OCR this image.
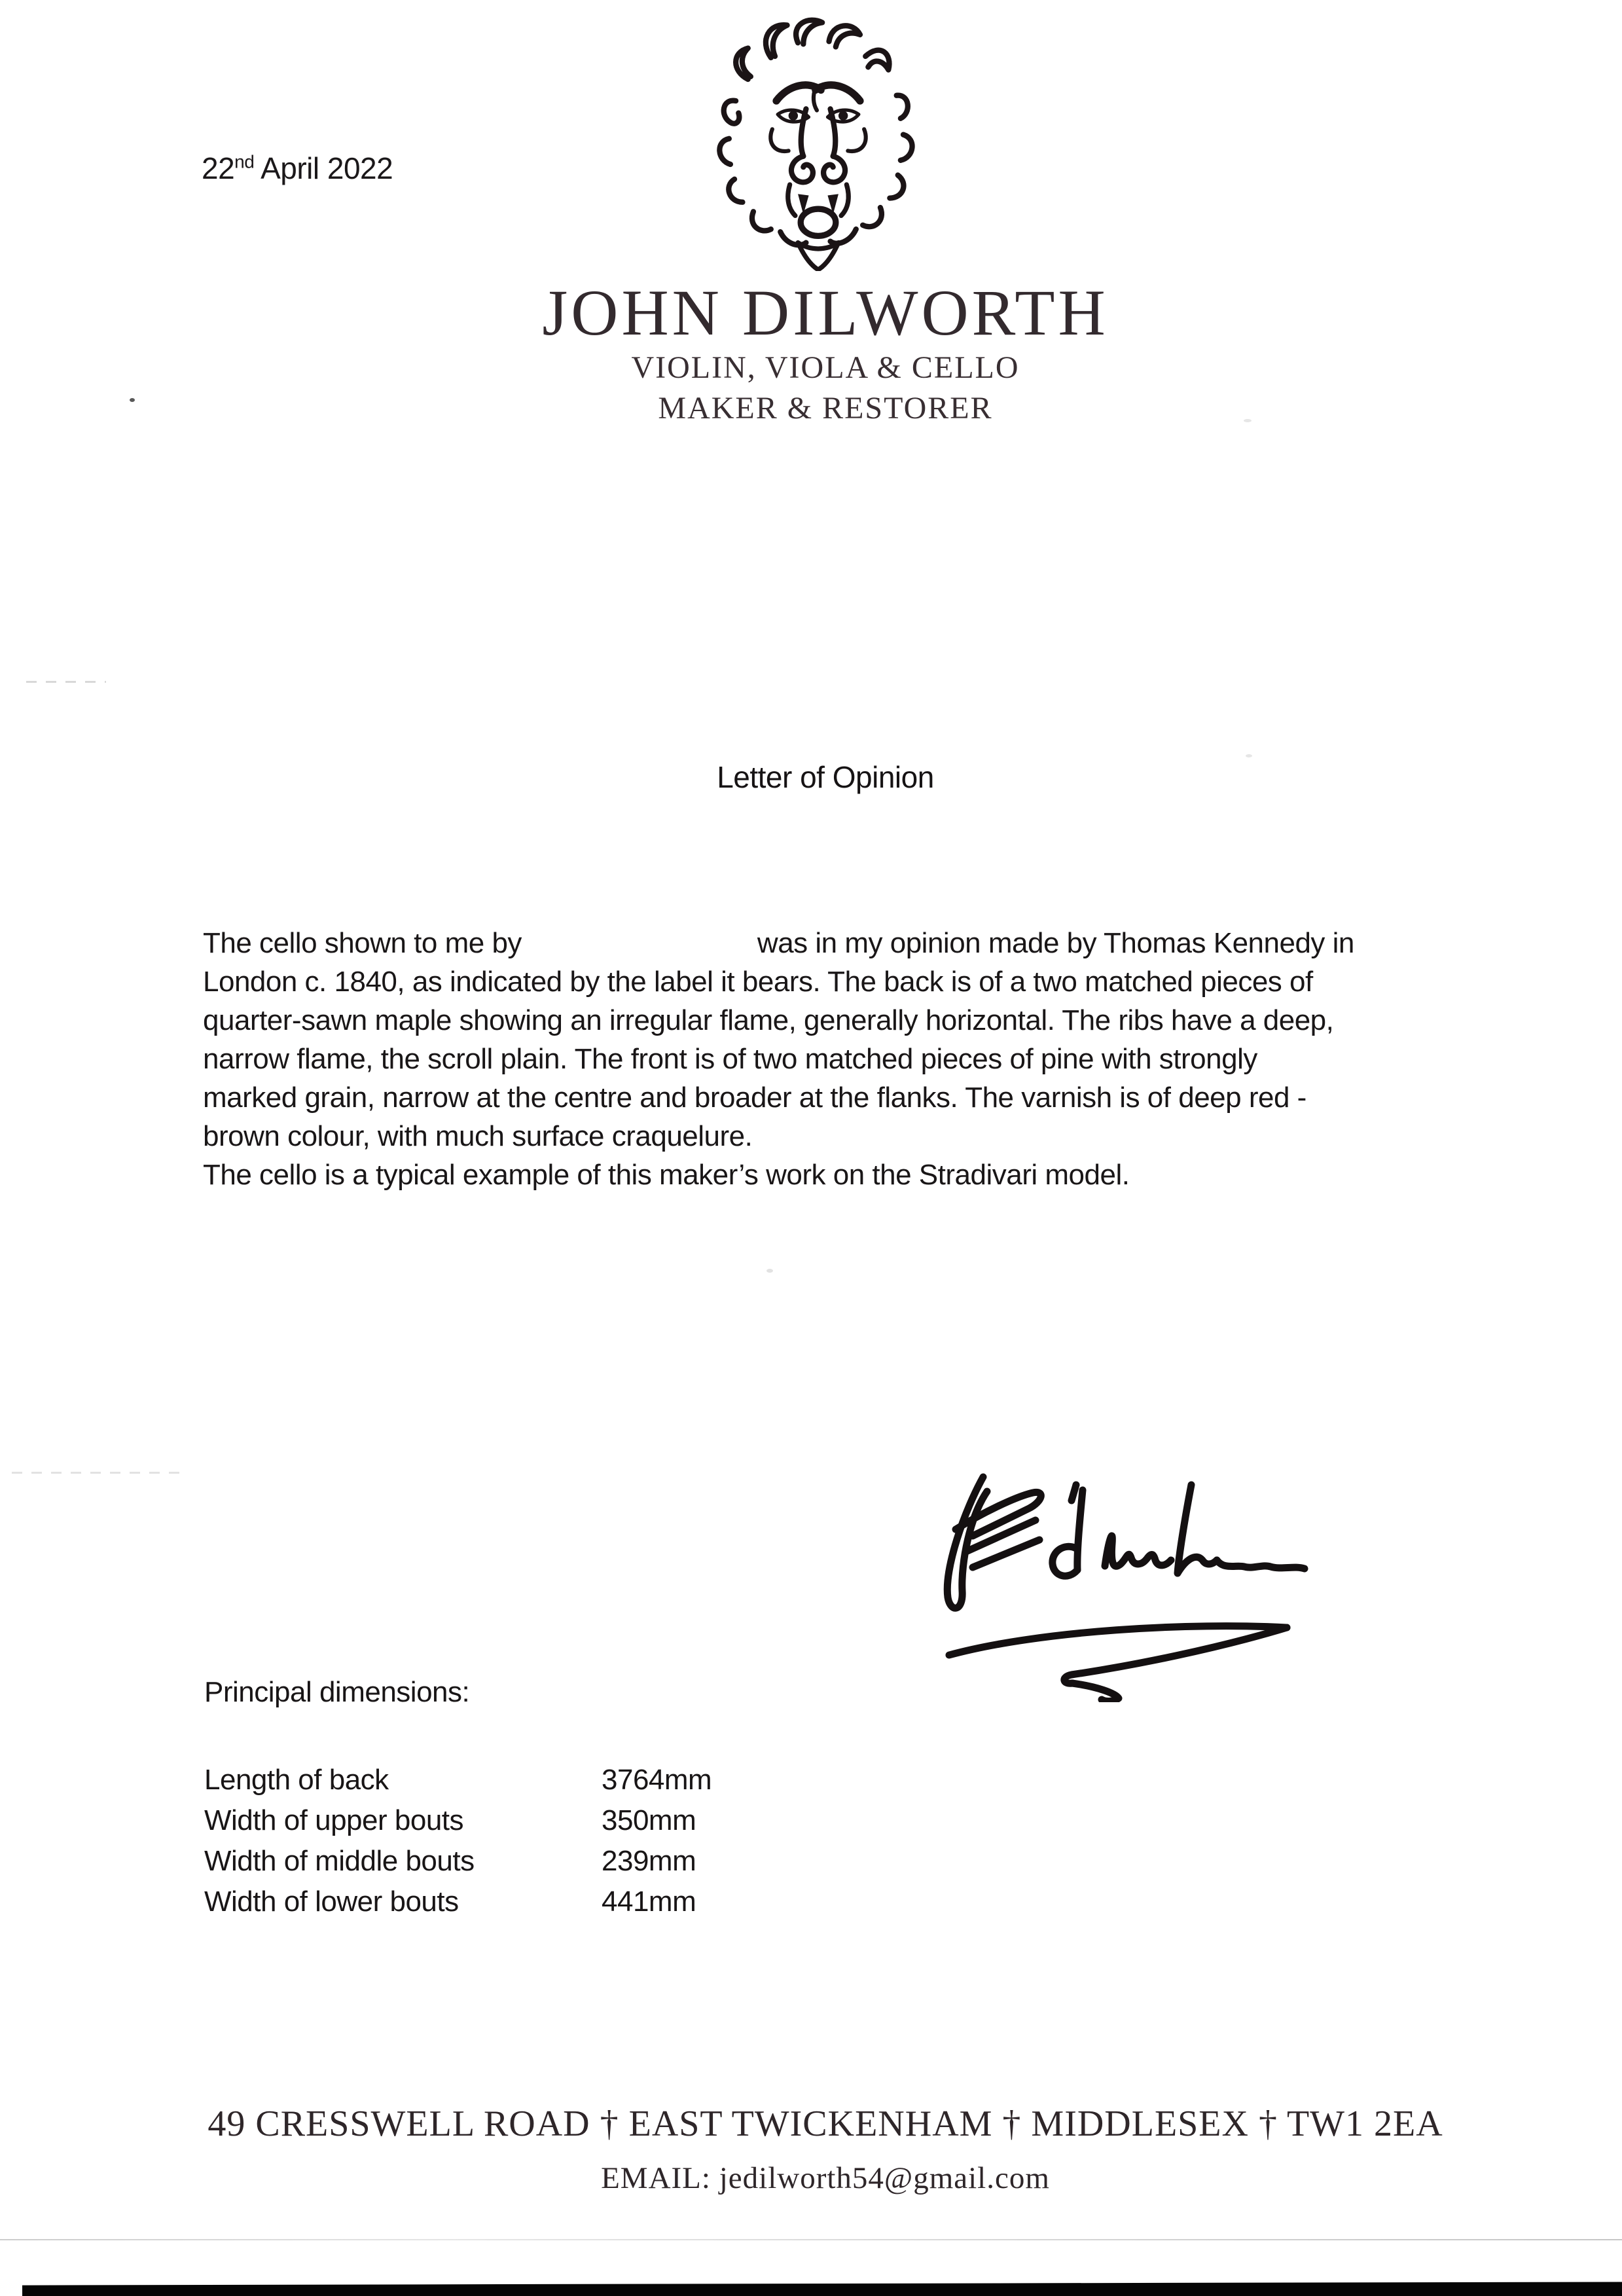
22nd April 2022
JOHN DILWORTH
VIOLIN, VIOLA & CELLO
MAKER & RESTORER
Letter of Opinion
The cello shown to me by	was in my opinion made by Thomas Kennedy in
London c. 1840, as indicated by the label it bears. The back is of a two matched pieces of
quarter-sawn maple showing an irregular flame, generally horizontal. The ribs have a deep,
narrow flame, the scroll plain. The front is of two matched pieces of pine with strongly
marked grain, narrow at the centre and broader at the flanks. The varnish is of deep red -
brown colour, with much surface craquelure.
The cello is a typical example of this maker’s work on the Stradivari model.
Principal dimensions:
Length of back	3764mm
Width of upper bouts	350mm
Width of middle bouts	239mm
Width of lower bouts	441mm
49 CRESSWELL ROAD † EAST TWICKENHAM † MIDDLESEX † TW1 2EA
EMAIL: jedilworth54@gmail.com
